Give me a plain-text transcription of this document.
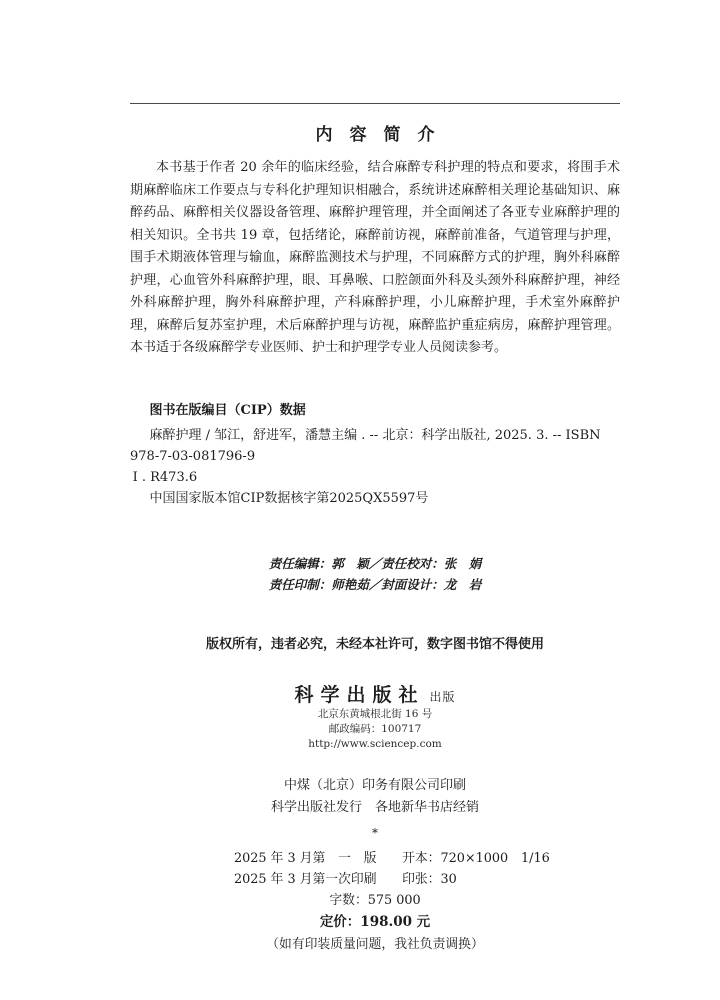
内　容　简　介

本书基于作者 20 余年的临床经验，结合麻醉专科护理的特点和要求，将围手术期麻醉临床工作要点与专科化护理知识相融合，系统讲述麻醉相关理论基础知识、麻醉药品、麻醉相关仪器设备管理、麻醉护理管理，并全面阐述了各亚专业麻醉护理的相关知识。全书共 19 章，包括绪论，麻醉前访视，麻醉前准备，气道管理与护理，围手术期液体管理与输血，麻醉监测技术与护理，不同麻醉方式的护理，胸外科麻醉护理，心血管外科麻醉护理，眼、耳鼻喉、口腔颌面外科及头颈外科麻醉护理，神经外科麻醉护理，胸外科麻醉护理，产科麻醉护理，小儿麻醉护理，手术室外麻醉护理，麻醉后复苏室护理，术后麻醉护理与访视，麻醉监护重症病房，麻醉护理管理。本书适于各级麻醉学专业医师、护士和护理学专业人员阅读参考。

图书在版编目（CIP）数据

麻醉护理 / 邹江，舒进军，潘慧主编 . -- 北京：科学出版社, 2025. 3. -- ISBN 978-7-03-081796-9

Ⅰ . R473.6

中国国家版本馆CIP数据核字第2025QX5597号

责任编辑：郭　颖／责任校对：张　娟
责任印制：师艳茹／封面设计：龙　岩
版权所有，违者必究，未经本社许可，数字图书馆不得使用
科学出版社 出版
北京东黄城根北街 16 号
邮政编码：100717
http://www.sciencep.com
中煤（北京）印务有限公司印刷
科学出版社发行　各地新华书店经销
*
2025 年 3 月第　一　版　　开本：720×1000　1/16
2025 年 3 月第一次印刷　　印张：30
字数：575 000
定价：198.00 元
（如有印装质量问题，我社负责调换）
